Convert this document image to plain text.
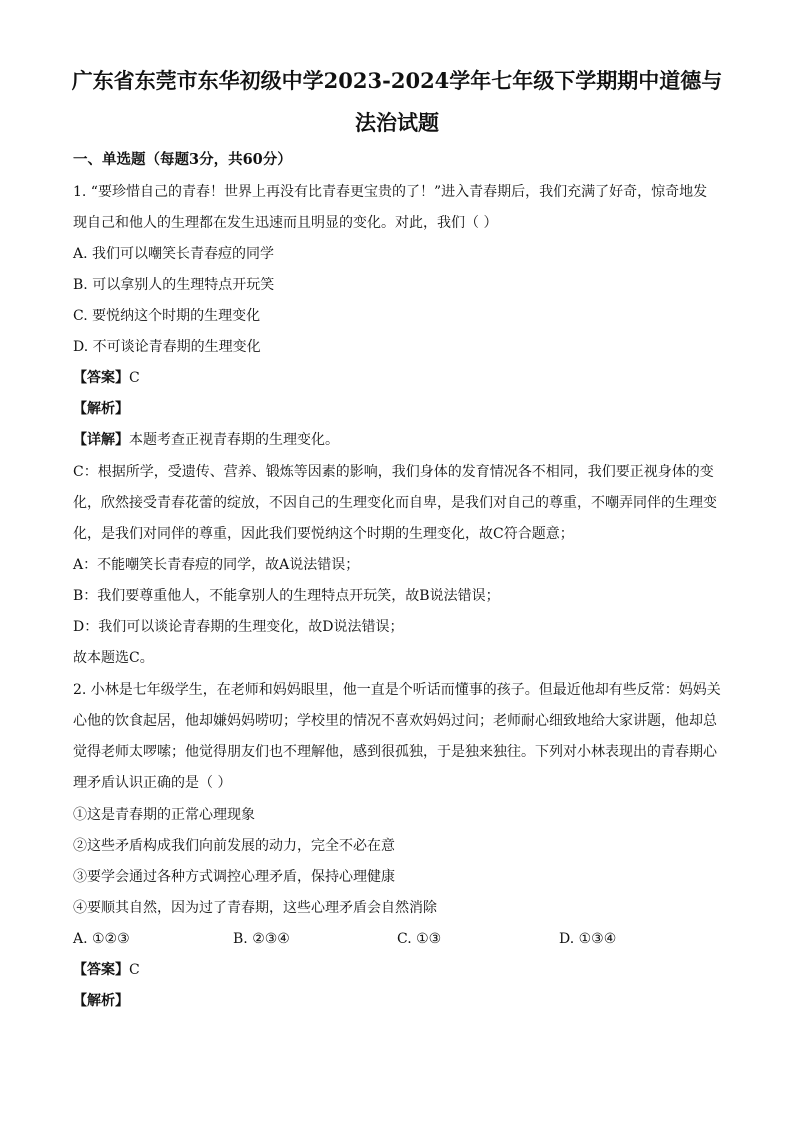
广东省东莞市东华初级中学2023-2024学年七年级下学期期中道德与
法治试题
一、单选题（每题3分，共60分）
1. “要珍惜自己的青春！世界上再没有比青春更宝贵的了！”进入青春期后，我们充满了好奇，惊奇地发
现自己和他人的生理都在发生迅速而且明显的变化。对此，我们（ ）
A. 我们可以嘲笑长青春痘的同学
B. 可以拿别人的生理特点开玩笑
C. 要悦纳这个时期的生理变化
D. 不可谈论青春期的生理变化
【答案】C
【解析】
【详解】本题考查正视青春期的生理变化。
C：根据所学，受遗传、营养、锻炼等因素的影响，我们身体的发育情况各不相同，我们要正视身体的变
化，欣然接受青春花蕾的绽放，不因自己的生理变化而自卑，是我们对自己的尊重，不嘲弄同伴的生理变
化，是我们对同伴的尊重，因此我们要悦纳这个时期的生理变化，故C符合题意；
A：不能嘲笑长青春痘的同学，故A说法错误；
B：我们要尊重他人，不能拿别人的生理特点开玩笑，故B说法错误；
D：我们可以谈论青春期的生理变化，故D说法错误；
故本题选C。
2. 小林是七年级学生，在老师和妈妈眼里，他一直是个听话而懂事的孩子。但最近他却有些反常：妈妈关
心他的饮食起居，他却嫌妈妈唠叨；学校里的情况不喜欢妈妈过问；老师耐心细致地给大家讲题，他却总
觉得老师太啰嗦；他觉得朋友们也不理解他，感到很孤独，于是独来独往。下列对小林表现出的青春期心
理矛盾认识正确的是（ ）
①这是青春期的正常心理现象
②这些矛盾构成我们向前发展的动力，完全不必在意
③要学会通过各种方式调控心理矛盾，保持心理健康
④要顺其自然，因为过了青春期，这些心理矛盾会自然消除
A. ①②③	B. ②③④	C. ①③	D. ①③④
【答案】C
【解析】
